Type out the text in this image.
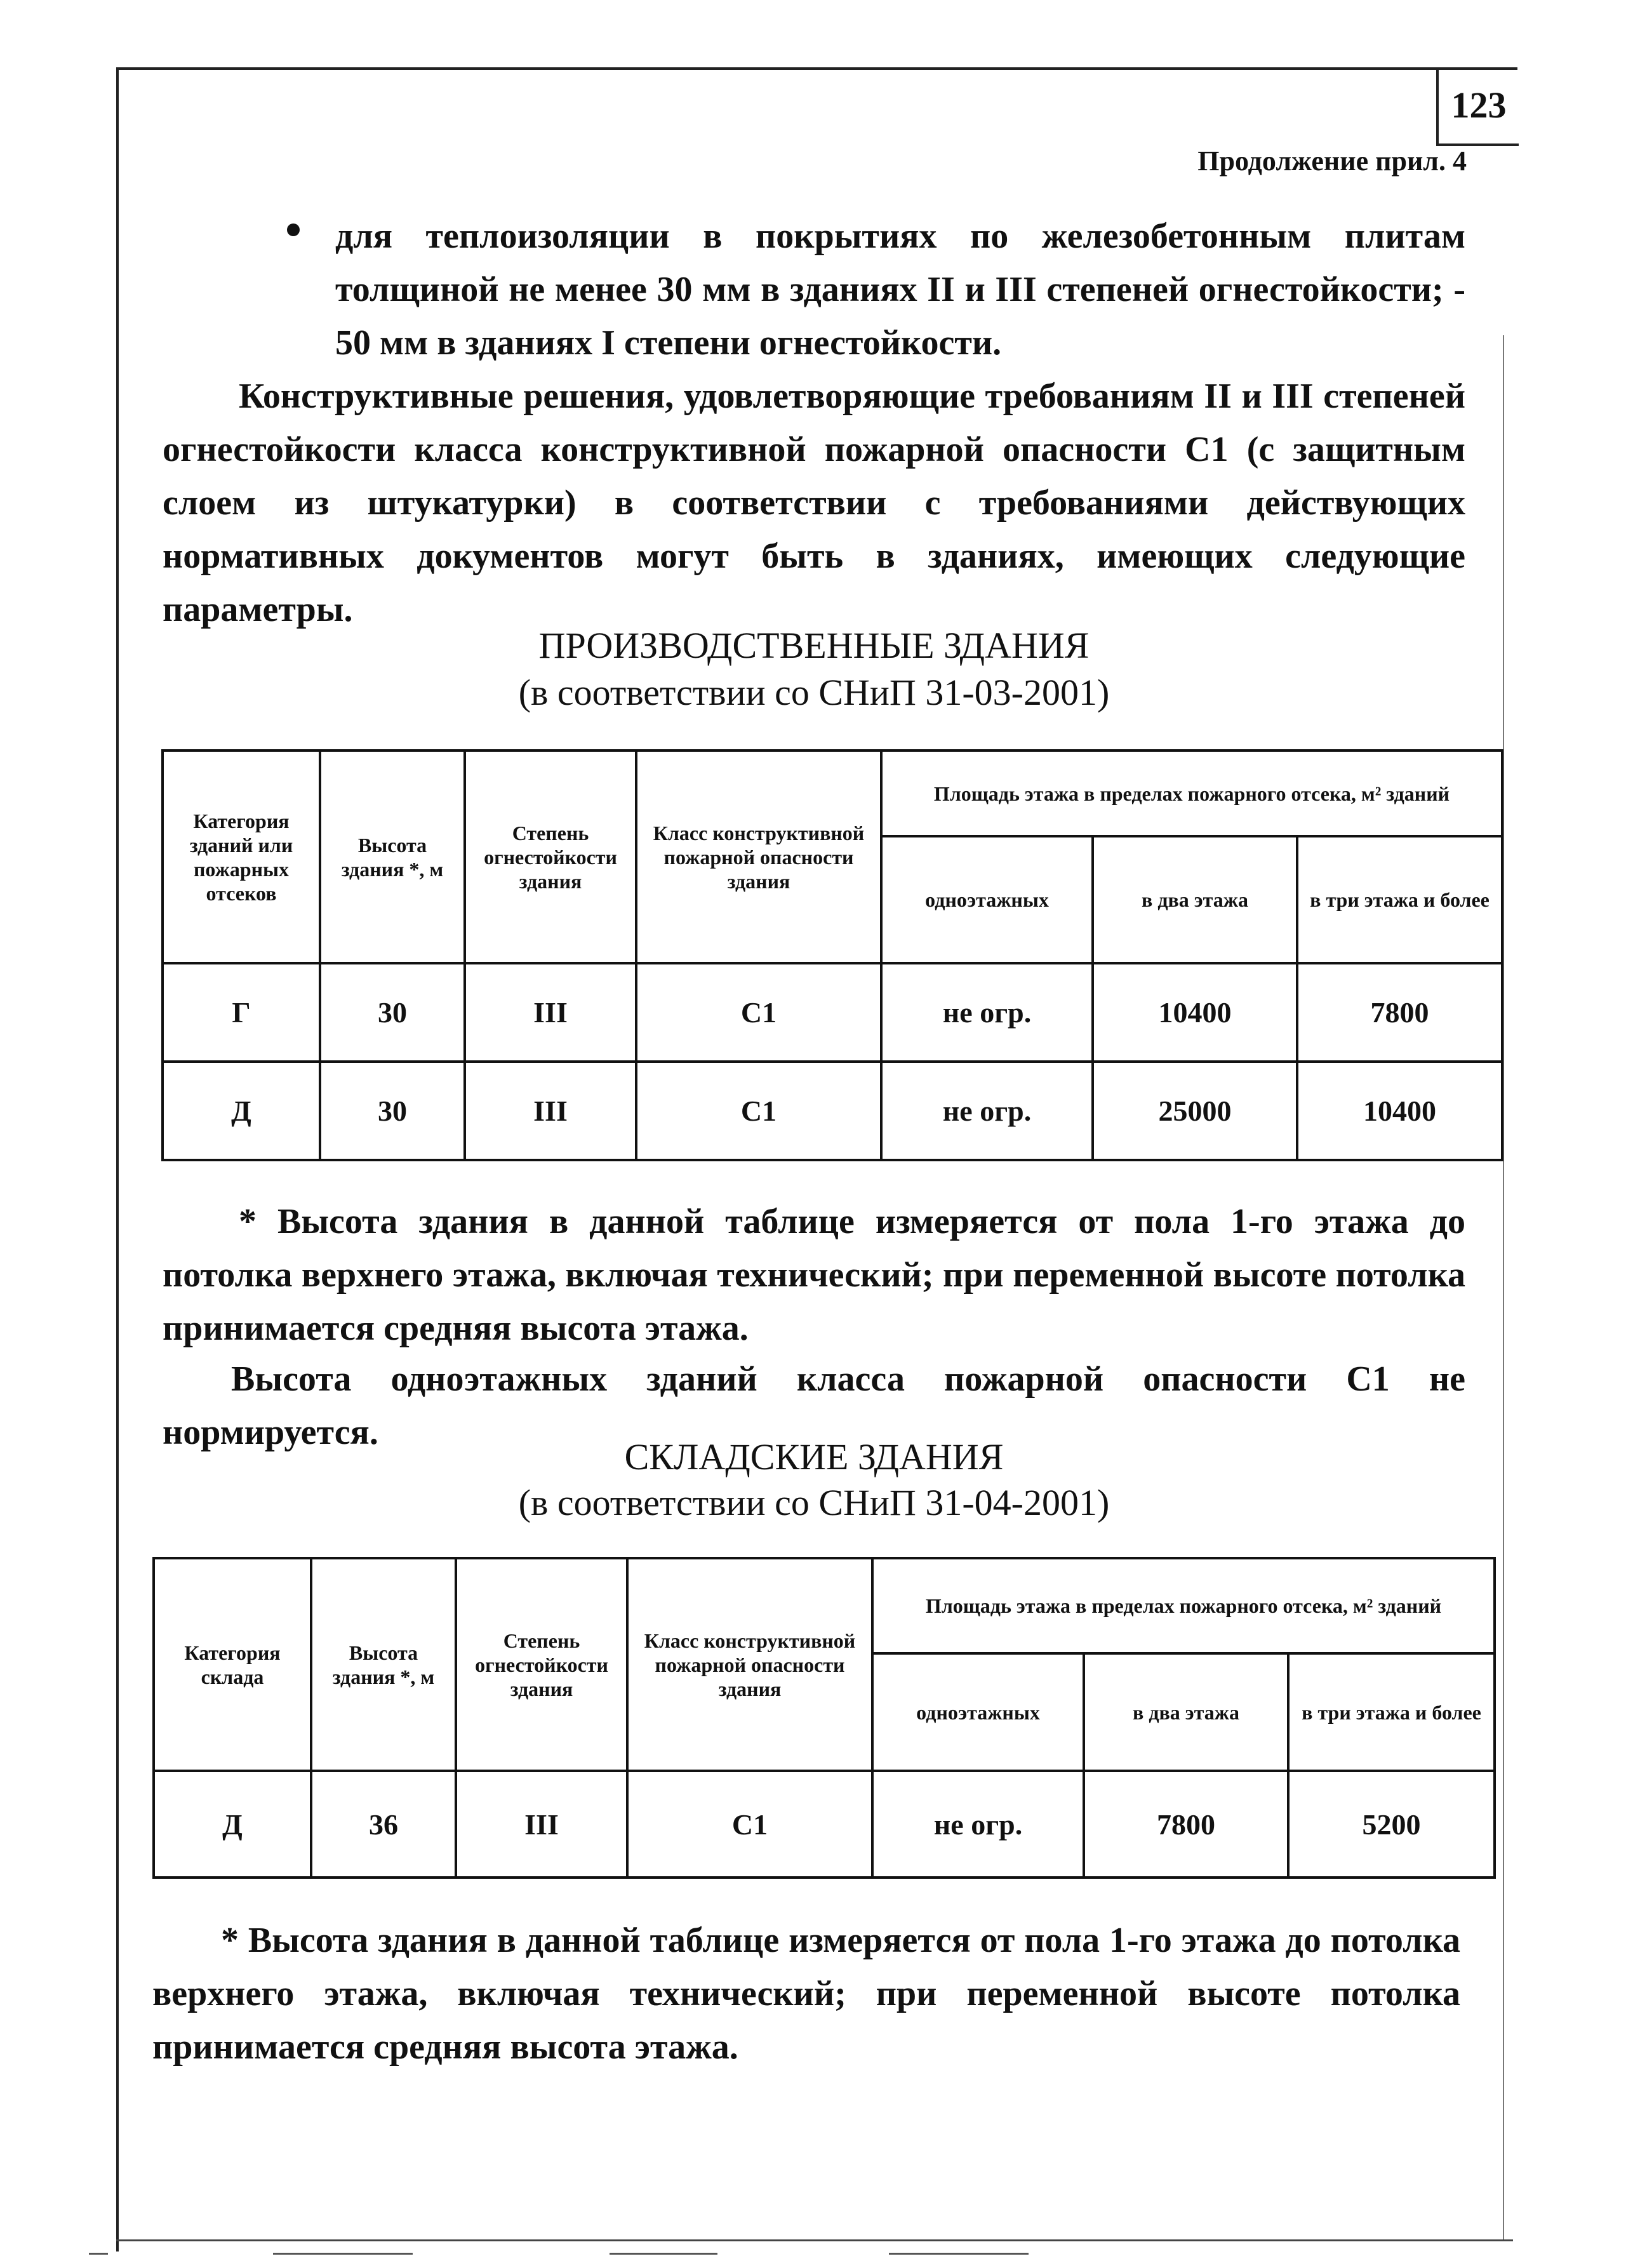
123
Продолжение прил. 4
для теплоизоляции в покрытиях по железобетонным плитам толщиной не менее 30 мм в зданиях II и III степеней огнестойкости; - 50 мм в зданиях I степени огнестойкости.
Конструктивные решения, удовлетворяющие требованиям II и III степеней огнестойкости класса конструктивной пожарной опасности С1 (с защитным слоем из штукатурки) в соответствии с требованиями действующих нормативных документов могут быть в зданиях, имеющих следующие параметры.
ПРОИЗВОДСТВЕННЫЕ ЗДАНИЯ
(в соответствии со СНиП 31-03-2001)
Категория зданий или пожарных отсеков	Высота здания *, м	Степень огнестойкости здания	Класс конструктивной пожарной опасности здания	Площадь этажа в пределах пожарного отсека, м² зданий		
				одноэтажных	в два этажа	в три этажа и более
Г	30	III	С1	не огр.	10400	7800
Д	30	III	С1	не огр.	25000	10400
* Высота здания в данной таблице измеряется от пола 1-го этажа до потолка верхнего этажа, включая технический; при переменной высоте потолка принимается средняя высота этажа.
Высота одноэтажных зданий класса пожарной опасности С1 не нормируется.
СКЛАДСКИЕ ЗДАНИЯ
(в соответствии со СНиП 31-04-2001)
Категория склада	Высота здания *, м	Степень огнестойкости здания	Класс конструктивной пожарной опасности здания	Площадь этажа в пределах пожарного отсека, м² зданий		
				одноэтажных	в два этажа	в три этажа и более
Д	36	III	С1	не огр.	7800	5200
* Высота здания в данной таблице измеряется от пола 1-го этажа до потолка верхнего этажа, включая технический; при переменной высоте потолка принимается средняя высота этажа.
